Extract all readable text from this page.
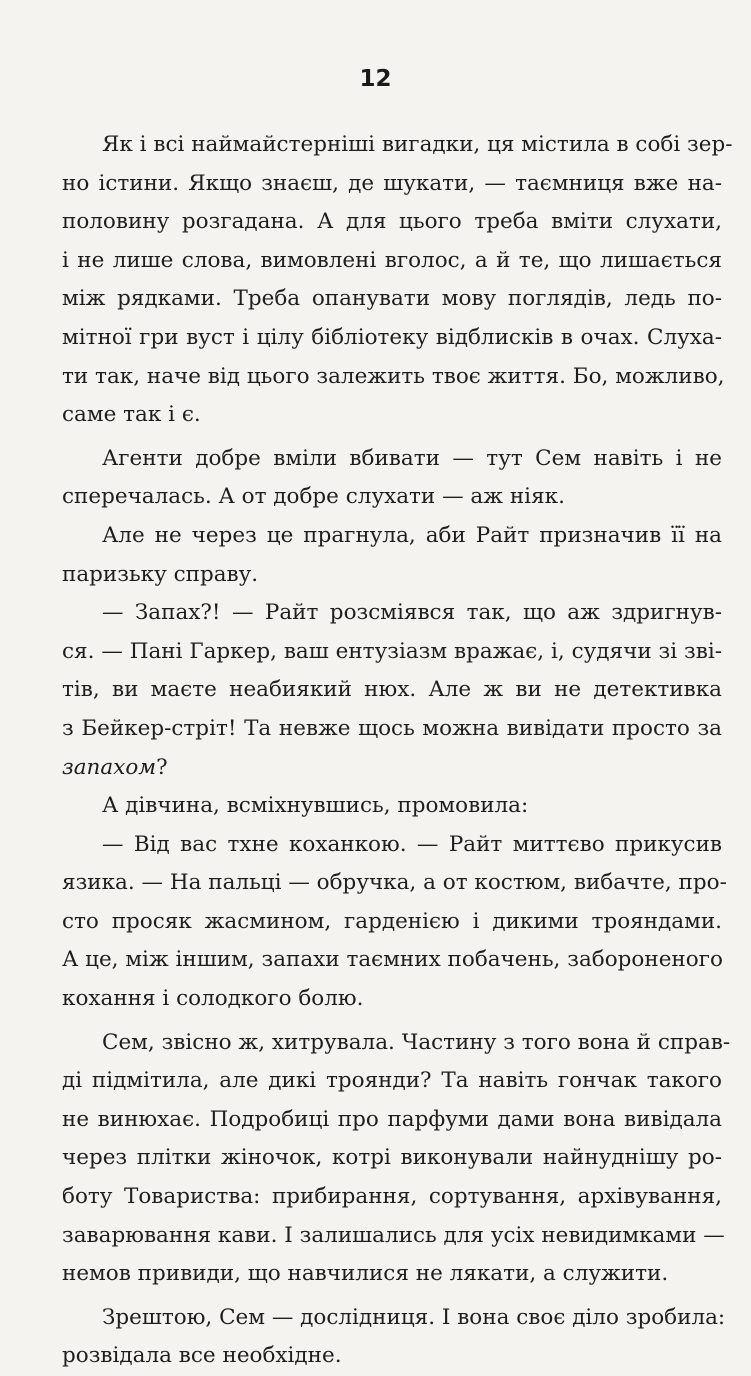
12
Як і всі наймайстерніші вигадки, ця містила в собі зер-
но істини. Якщо знаєш, де шукати, — таємниця вже на-
половину розгадана. А для цього треба вміти слухати,
і не лише слова, вимовлені вголос, а й те, що лишається
між рядками. Треба опанувати мову поглядів, ледь по-
мітної гри вуст і цілу бібліотеку відблисків в очах. Слуха-
ти так, наче від цього залежить твоє життя. Бо, можливо,
саме так і є.
Агенти добре вміли вбивати — тут Сем навіть і не
сперечалась. А от добре слухати — аж ніяк.
Але не через це прагнула, аби Райт призначив її на
паризьку справу.
— Запах?! — Райт розсміявся так, що аж здригнув-
ся. — Пані Гаркер, ваш ентузіазм вражає, і, судячи зі зві-
тів, ви маєте неабиякий нюх. Але ж ви не детективка
з Бейкер-стріт! Та невже щось можна вивідати просто за
запахом?
А дівчина, всміхнувшись, промовила:
— Від вас тхне коханкою. — Райт миттєво прикусив
язика. — На пальці — обручка, а от костюм, вибачте, про-
сто просяк жасмином, гарденією і дикими трояндами.
А це, між іншим, запахи таємних побачень, забороненого
кохання і солодкого болю.
Сем, звісно ж, хитрувала. Частину з того вона й справ-
ді підмітила, але дикі троянди? Та навіть гончак такого
не винюхає. Подробиці про парфуми дами вона вивідала
через плітки жіночок, котрі виконували найнуднішу ро-
боту Товариства: прибирання, сортування, архівування,
заварювання кави. І залишались для усіх невидимками —
немов привиди, що навчилися не лякати, а служити.
Зрештою, Сем — дослідниця. І вона своє діло зробила:
розвідала все необхідне.
